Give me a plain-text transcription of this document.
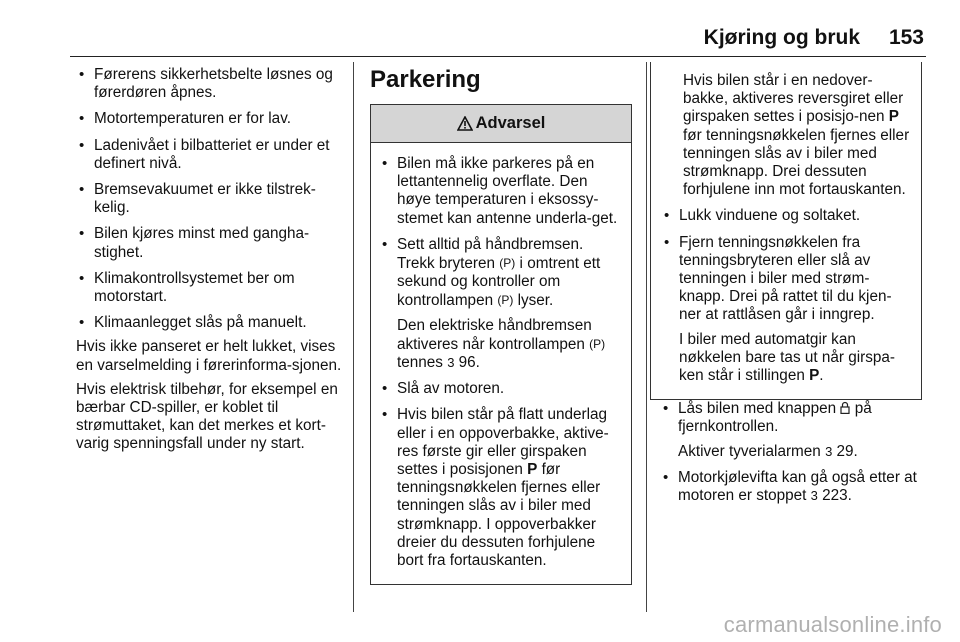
Kjøring og bruk 153
• Førerens sikkerhetsbelte løsnes og førerdøren åpnes.
• Motortemperaturen er for lav.
• Ladenivået i bilbatteriet er under et definert nivå.
• Bremsevakuumet er ikke tilstrek-kelig.
• Bilen kjøres minst med gangha-stighet.
• Klimakontrollsystemet ber om motorstart.
• Klimaanlegget slås på manuelt.

Hvis ikke panseret er helt lukket, vises en varselmelding i førerinforma-sjonen.

Hvis elektrisk tilbehør, for eksempel en bærbar CD-spiller, er koblet til strømuttaket, kan det merkes et kort-varig spenningsfall under ny start.

Parkering
Advarsel
• Bilen må ikke parkeres på en lettantennelig overflate. Den høye temperaturen i eksossy-stemet kan antenne underla-get.
• Sett alltid på håndbremsen. Trekk bryteren (P) i omtrent ett sekund og kontroller om kontrollampen (P) lyser.
Den elektriske håndbremsen aktiveres når kontrollampen (P) tennes 3 96.
• Slå av motoren.
• Hvis bilen står på flatt underlag eller i en oppoverbakke, aktive-res første gir eller girspaken settes i posisjonen P før tenningsnøkkelen fjernes eller tenningen slås av i biler med strømknapp. I oppoverbakker dreier du dessuten forhjulene bort fra fortauskanten.

Hvis bilen står i en nedover-bakke, aktiveres reversgiret eller girspaken settes i posisjo-nen P før tenningsnøkkelen fjernes eller tenningen slås av i biler med strømknapp. Drei dessuten forhjulene inn mot fortauskanten.

• Lukk vinduene og soltaket.
• Fjern tenningsnøkkelen fra tenningsbryteren eller slå av tenningen i biler med strøm-knapp. Drei på rattet til du kjen-ner at rattlåsen går i inngrep.
I biler med automatgir kan nøkkelen bare tas ut når girspa-ken står i stillingen P.
• Lås bilen med knappen på fjernkontrollen.
Aktiver tyverialarmen 3 29.
• Motorkjølevifta kan gå også etter at motoren er stoppet 3 223.
carmanualsonline.info
